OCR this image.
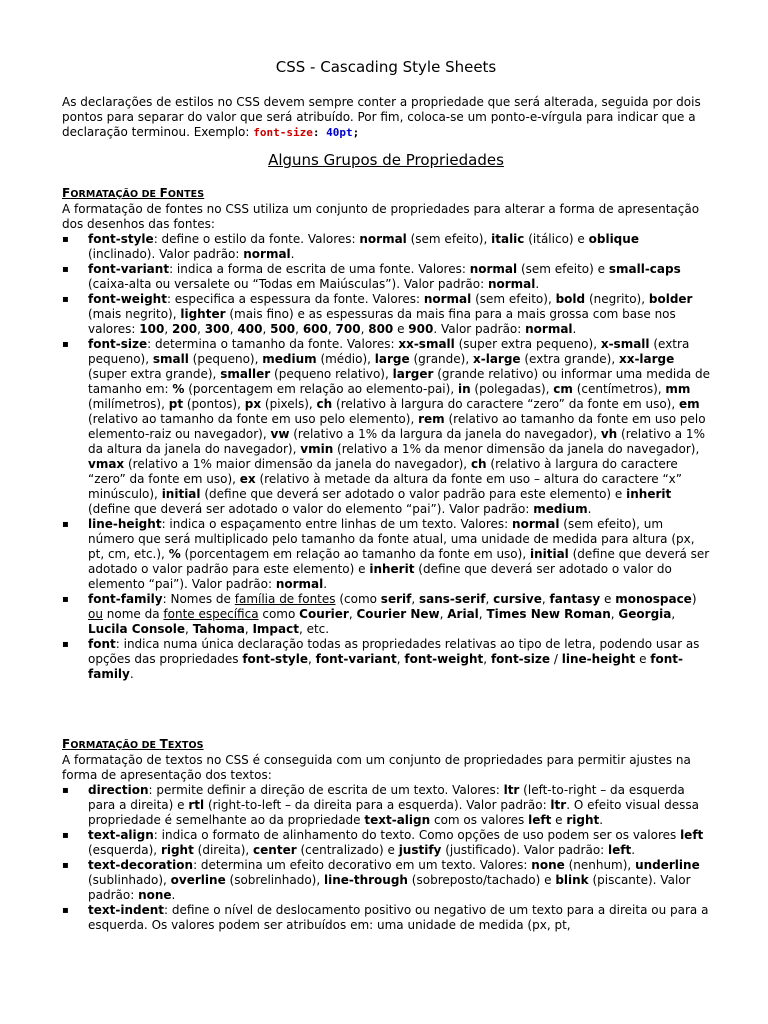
CSS - Cascading Style Sheets
As declarações de estilos no CSS devem sempre conter a propriedade que será alterada, seguida por dois pontos para separar do valor que será atribuído. Por fim, coloca-se um ponto-e-vírgula para indicar que a declaração terminou. Exemplo: font-size: 40pt;
Alguns Grupos de Propriedades
FORMATAÇÃO DE FONTES
A formatação de fontes no CSS utiliza um conjunto de propriedades para alterar a forma de apresentação dos desenhos das fontes:
▪ font-style: define o estilo da fonte. Valores: normal (sem efeito), italic (itálico) e oblique (inclinado). Valor padrão: normal.
▪ font-variant: indica a forma de escrita de uma fonte. Valores: normal (sem efeito) e small-caps (caixa-alta ou versalete ou “Todas em Maiúsculas”). Valor padrão: normal.
▪ font-weight: especifica a espessura da fonte. Valores: normal (sem efeito), bold (negrito), bolder (mais negrito), lighter (mais fino) e as espessuras da mais fina para a mais grossa com base nos valores: 100, 200, 300, 400, 500, 600, 700, 800 e 900. Valor padrão: normal.
▪ font-size: determina o tamanho da fonte. Valores: xx-small (super extra pequeno), x-small (extra pequeno), small (pequeno), medium (médio), large (grande), x-large (extra grande), xx-large (super extra grande), smaller (pequeno relativo), larger (grande relativo) ou informar uma medida de tamanho em: % (porcentagem em relação ao elemento-pai), in (polegadas), cm (centímetros), mm (milímetros), pt (pontos), px (pixels), ch (relativo à largura do caractere “zero” da fonte em uso), em (relativo ao tamanho da fonte em uso pelo elemento), rem (relativo ao tamanho da fonte em uso pelo elemento-raiz ou navegador), vw (relativo a 1% da largura da janela do navegador), vh (relativo a 1% da altura da janela do navegador), vmin (relativo a 1% da menor dimensão da janela do navegador), vmax (relativo a 1% maior dimensão da janela do navegador), ch (relativo à largura do caractere “zero” da fonte em uso), ex (relativo à metade da altura da fonte em uso – altura do caractere “x” minúsculo), initial (define que deverá ser adotado o valor padrão para este elemento) e inherit (define que deverá ser adotado o valor do elemento “pai”). Valor padrão: medium.
▪ line-height: indica o espaçamento entre linhas de um texto. Valores: normal (sem efeito), um número que será multiplicado pelo tamanho da fonte atual, uma unidade de medida para altura (px, pt, cm, etc.), % (porcentagem em relação ao tamanho da fonte em uso), initial (define que deverá ser adotado o valor padrão para este elemento) e inherit (define que deverá ser adotado o valor do elemento “pai”). Valor padrão: normal.
▪ font-family: Nomes de família de fontes (como serif, sans-serif, cursive, fantasy e monospace) ou nome da fonte específica como Courier, Courier New, Arial, Times New Roman, Georgia, Lucila Console, Tahoma, Impact, etc.
▪ font: indica numa única declaração todas as propriedades relativas ao tipo de letra, podendo usar as opções das propriedades font-style, font-variant, font-weight, font-size / line-height e font-family.
FORMATAÇÃO DE TEXTOS
A formatação de textos no CSS é conseguida com um conjunto de propriedades para permitir ajustes na forma de apresentação dos textos:
▪ direction: permite definir a direção de escrita de um texto. Valores: ltr (left-to-right – da esquerda para a direita) e rtl (right-to-left – da direita para a esquerda). Valor padrão: ltr. O efeito visual dessa propriedade é semelhante ao da propriedade text-align com os valores left e right.
▪ text-align: indica o formato de alinhamento do texto. Como opções de uso podem ser os valores left (esquerda), right (direita), center (centralizado) e justify (justificado). Valor padrão: left.
▪ text-decoration: determina um efeito decorativo em um texto. Valores: none (nenhum), underline (sublinhado), overline (sobrelinhado), line-through (sobreposto/tachado) e blink (piscante). Valor padrão: none.
▪ text-indent: define o nível de deslocamento positivo ou negativo de um texto para a direita ou para a esquerda. Os valores podem ser atribuídos em: uma unidade de medida (px, pt,
